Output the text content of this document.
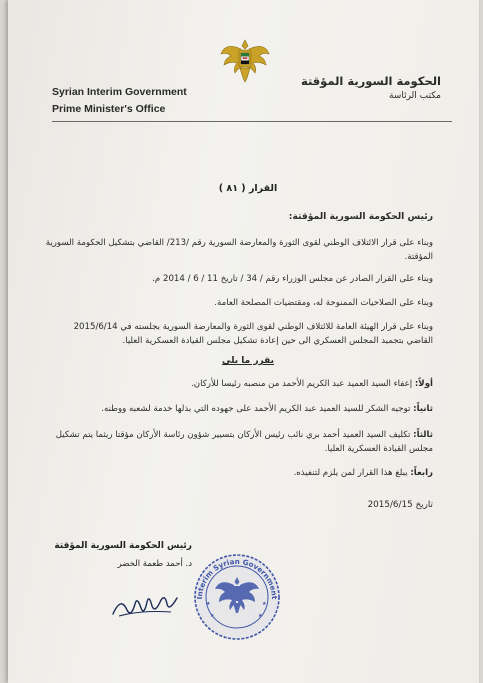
Syrian Interim Government
Prime Minister's Office
الحكومة السورية المؤقتة
مكتب الرئاسة
القرار ( ٨١ )
رئيس الحكومة السورية المؤقتة:
وبناء على قرار الائتلاف الوطني لقوى الثورة والمعارضة السورية رقم /213/ القاضي بتشكيل الحكومة السورية المؤقتة.
وبناء على القرار الصادر عن مجلس الوزراء رقم / 34 / تاريخ 11 / 6 / 2014 م.
وبناء على الصلاحيات الممنوحة له، ومقتضيات المصلحة العامة.
وبناء على قرار الهيئة العامة للائتلاف الوطني لقوى الثورة والمعارضة السورية بجلسته في 2015/6/14 القاضي بتجميد المجلس العسكري الى حين إعادة تشكيل مجلس القيادة العسكرية العليا.
يقرر ما يلي
أولاً: إعفاء السيد العميد عبد الكريم الأحمد من منصبه رئيسا للأركان.
ثانياً: توجيه الشكر للسيد العميد عبد الكريم الأحمد على جهوده التي بذلها خدمة لشعبه ووطنه.
ثالثاً: تكليف السيد العميد أحمد بري نائب رئيس الأركان بتسيير شؤون رئاسة الأركان مؤقتا ريثما يتم تشكيل مجلس القيادة العسكرية العليا.
رابعاً: يبلغ هذا القرار لمن يلزم لتنفيذه.
تاريخ 2015/6/15
رئيس الحكومة السورية المؤقتة
د. أحمد طعمة الخضر
Interim Syrian Government
★	★
★	★
